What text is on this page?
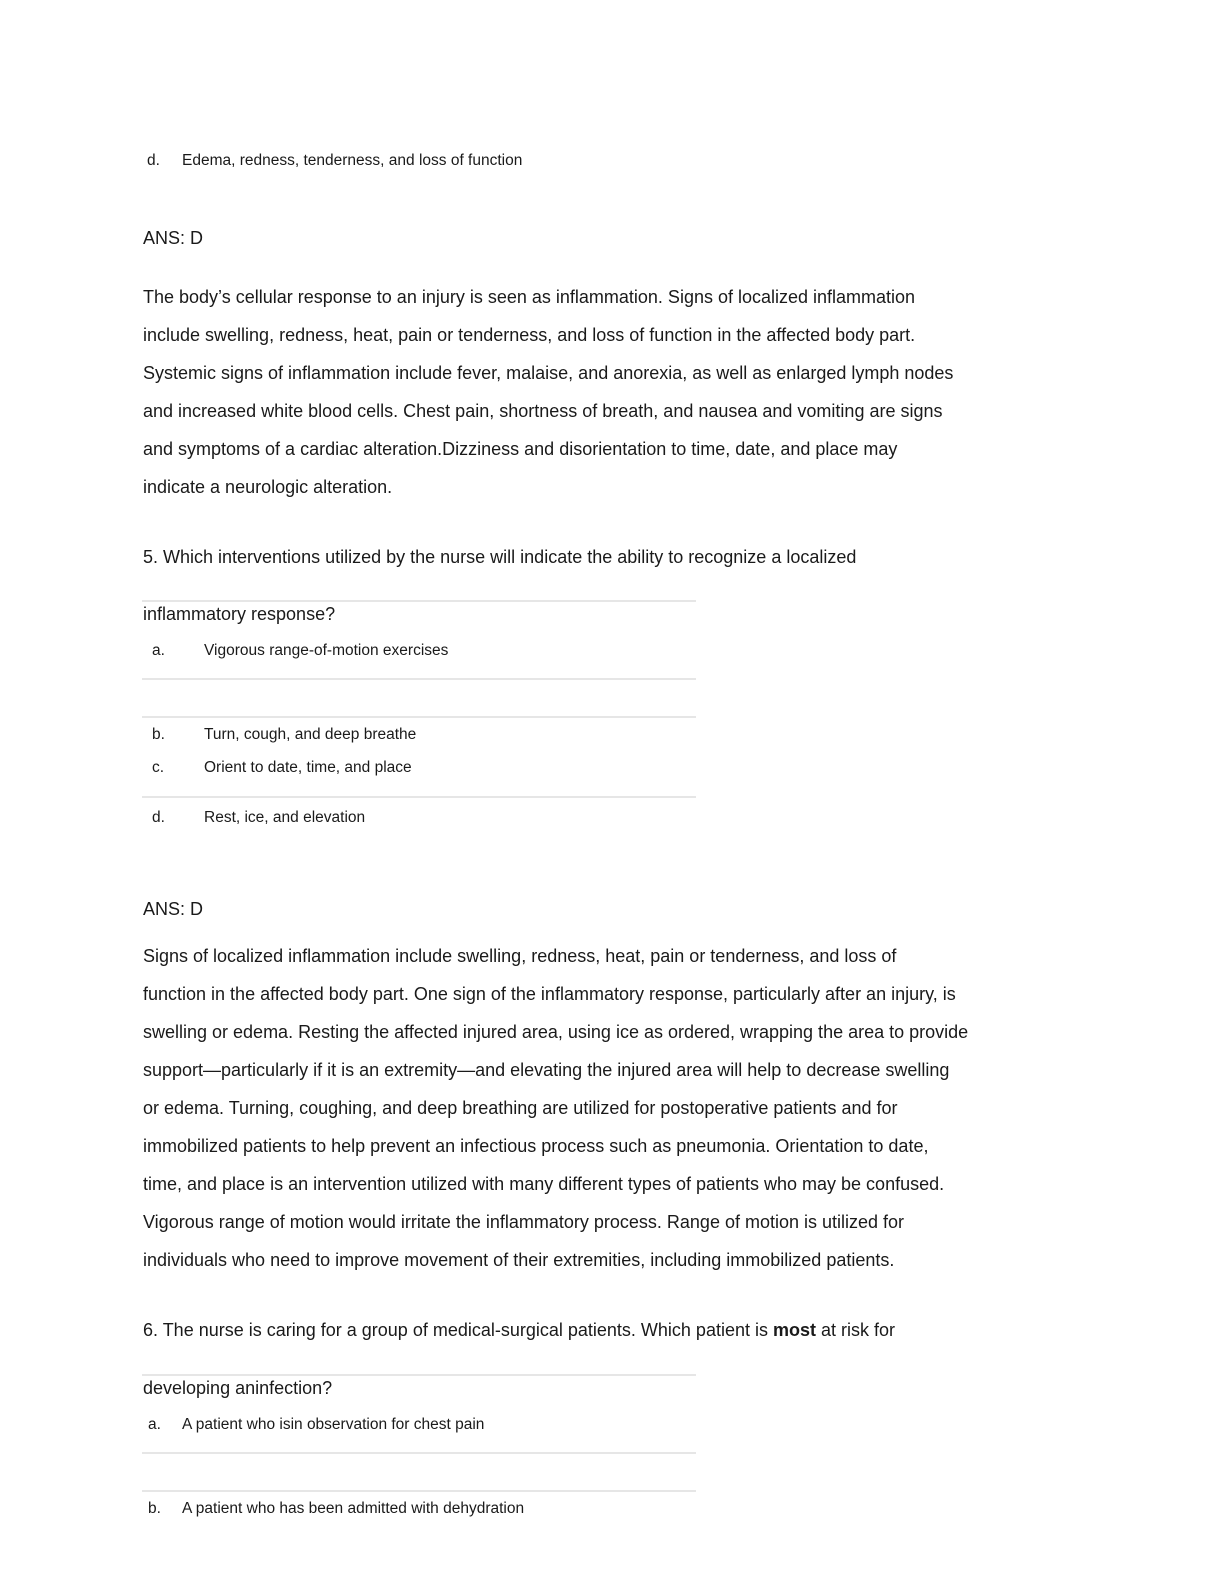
d. Edema, redness, tenderness, and loss of function
ANS: D

The body’s cellular response to an injury is seen as inflammation. Signs of localized inflammation

include swelling, redness, heat, pain or tenderness, and loss of function in the affected body part.

Systemic signs of inflammation include fever, malaise, and anorexia, as well as enlarged lymph nodes

and increased white blood cells. Chest pain, shortness of breath, and nausea and vomiting are signs

and symptoms of a cardiac alteration.Dizziness and disorientation to time, date, and place may

indicate a neurologic alteration.

5. Which interventions utilized by the nurse will indicate the ability to recognize a localized
inflammatory response?
a.	Vigorous range-of-motion exercises
b.	Turn, cough, and deep breathe
c.	Orient to date, time, and place
d.	Rest, ice, and elevation
ANS: D

Signs of localized inflammation include swelling, redness, heat, pain or tenderness, and loss of

function in the affected body part. One sign of the inflammatory response, particularly after an injury, is

swelling or edema. Resting the affected injured area, using ice as ordered, wrapping the area to provide

support—particularly if it is an extremity—and elevating the injured area will help to decrease swelling

or edema. Turning, coughing, and deep breathing are utilized for postoperative patients and for

immobilized patients to help prevent an infectious process such as pneumonia. Orientation to date,

time, and place is an intervention utilized with many different types of patients who may be confused.

Vigorous range of motion would irritate the inflammatory process. Range of motion is utilized for

individuals who need to improve movement of their extremities, including immobilized patients.

6. The nurse is caring for a group of medical-surgical patients. Which patient is most at risk for
developing aninfection?
a. A patient who isin observation for chest pain
b. A patient who has been admitted with dehydration
